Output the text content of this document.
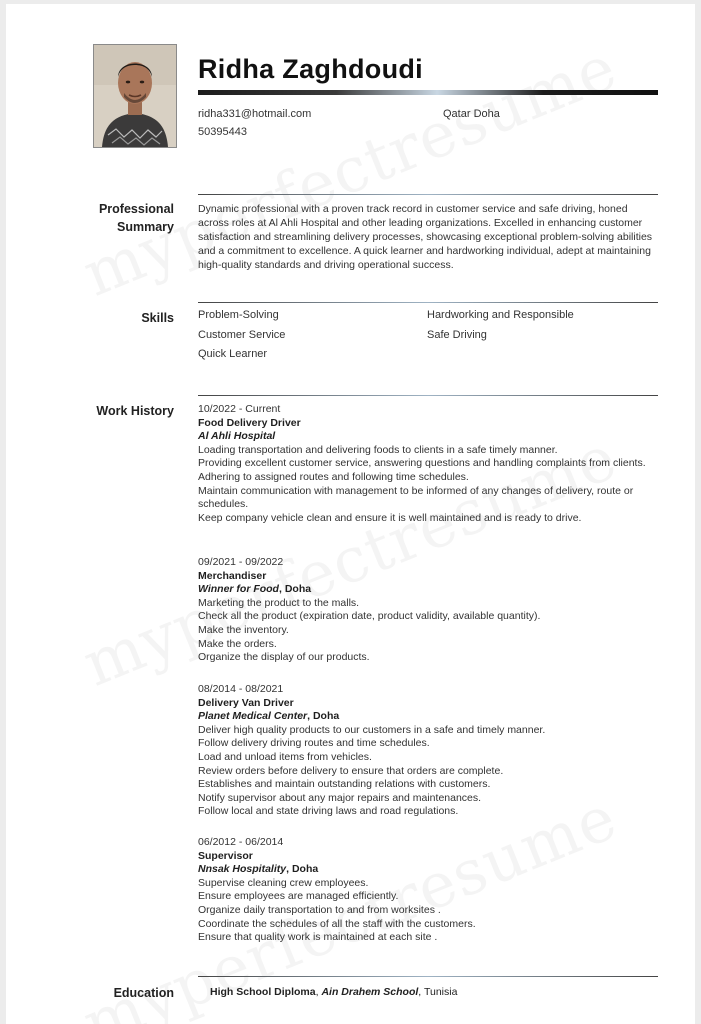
Ridha Zaghdoudi
ridha331@hotmail.com	Qatar Doha
50395443
Professional
Summary
Dynamic professional with a proven track record in customer service and safe driving, honed across roles at Al Ahli Hospital and other leading organizations. Excelled in enhancing customer satisfaction and streamlining delivery processes, showcasing exceptional problem-solving abilities and a commitment to excellence. A quick learner and hardworking individual, adept at maintaining high-quality standards and driving operational success.
Skills Problem-Solving
Customer Service
Quick Learner
Hardworking and Responsible
Safe Driving
Work History 10/2022 - Current
Food Delivery Driver
Al Ahli Hospital
Loading transportation and delivering foods to clients in a safe timely manner.
Providing excellent customer service, answering questions and handling complaints from clients.
Adhering to assigned routes and following time schedules.
Maintain communication with management to be informed of any changes of delivery, route or schedules.
Keep company vehicle clean and ensure it is well maintained and is ready to drive.
09/2021 - 09/2022
Merchandiser
Winner for Food, Doha
Marketing the product to the malls.
Check all the product (expiration date, product validity, available quantity).
Make the inventory.
Make the orders.
Organize the display of our products.
08/2014 - 08/2021
Delivery Van Driver
Planet Medical Center, Doha
Deliver high quality products to our customers in a safe and timely manner.
Follow delivery driving routes and time schedules.
Load and unload items from vehicles.
Review orders before delivery to ensure that orders are complete.
Establishes and maintain outstanding relations with customers.
Notify supervisor about any major repairs and maintenances.
Follow local and state driving laws and road regulations.
06/2012 - 06/2014
Supervisor
Nnsak Hospitality, Doha
Supervise cleaning crew employees.
Ensure employees are managed efficiently.
Organize daily transportation to and from worksites .
Coordinate the schedules of all the staff with the customers.
Ensure that quality work is maintained at each site .
Education	High School Diploma, Ain Drahem School, Tunisia
